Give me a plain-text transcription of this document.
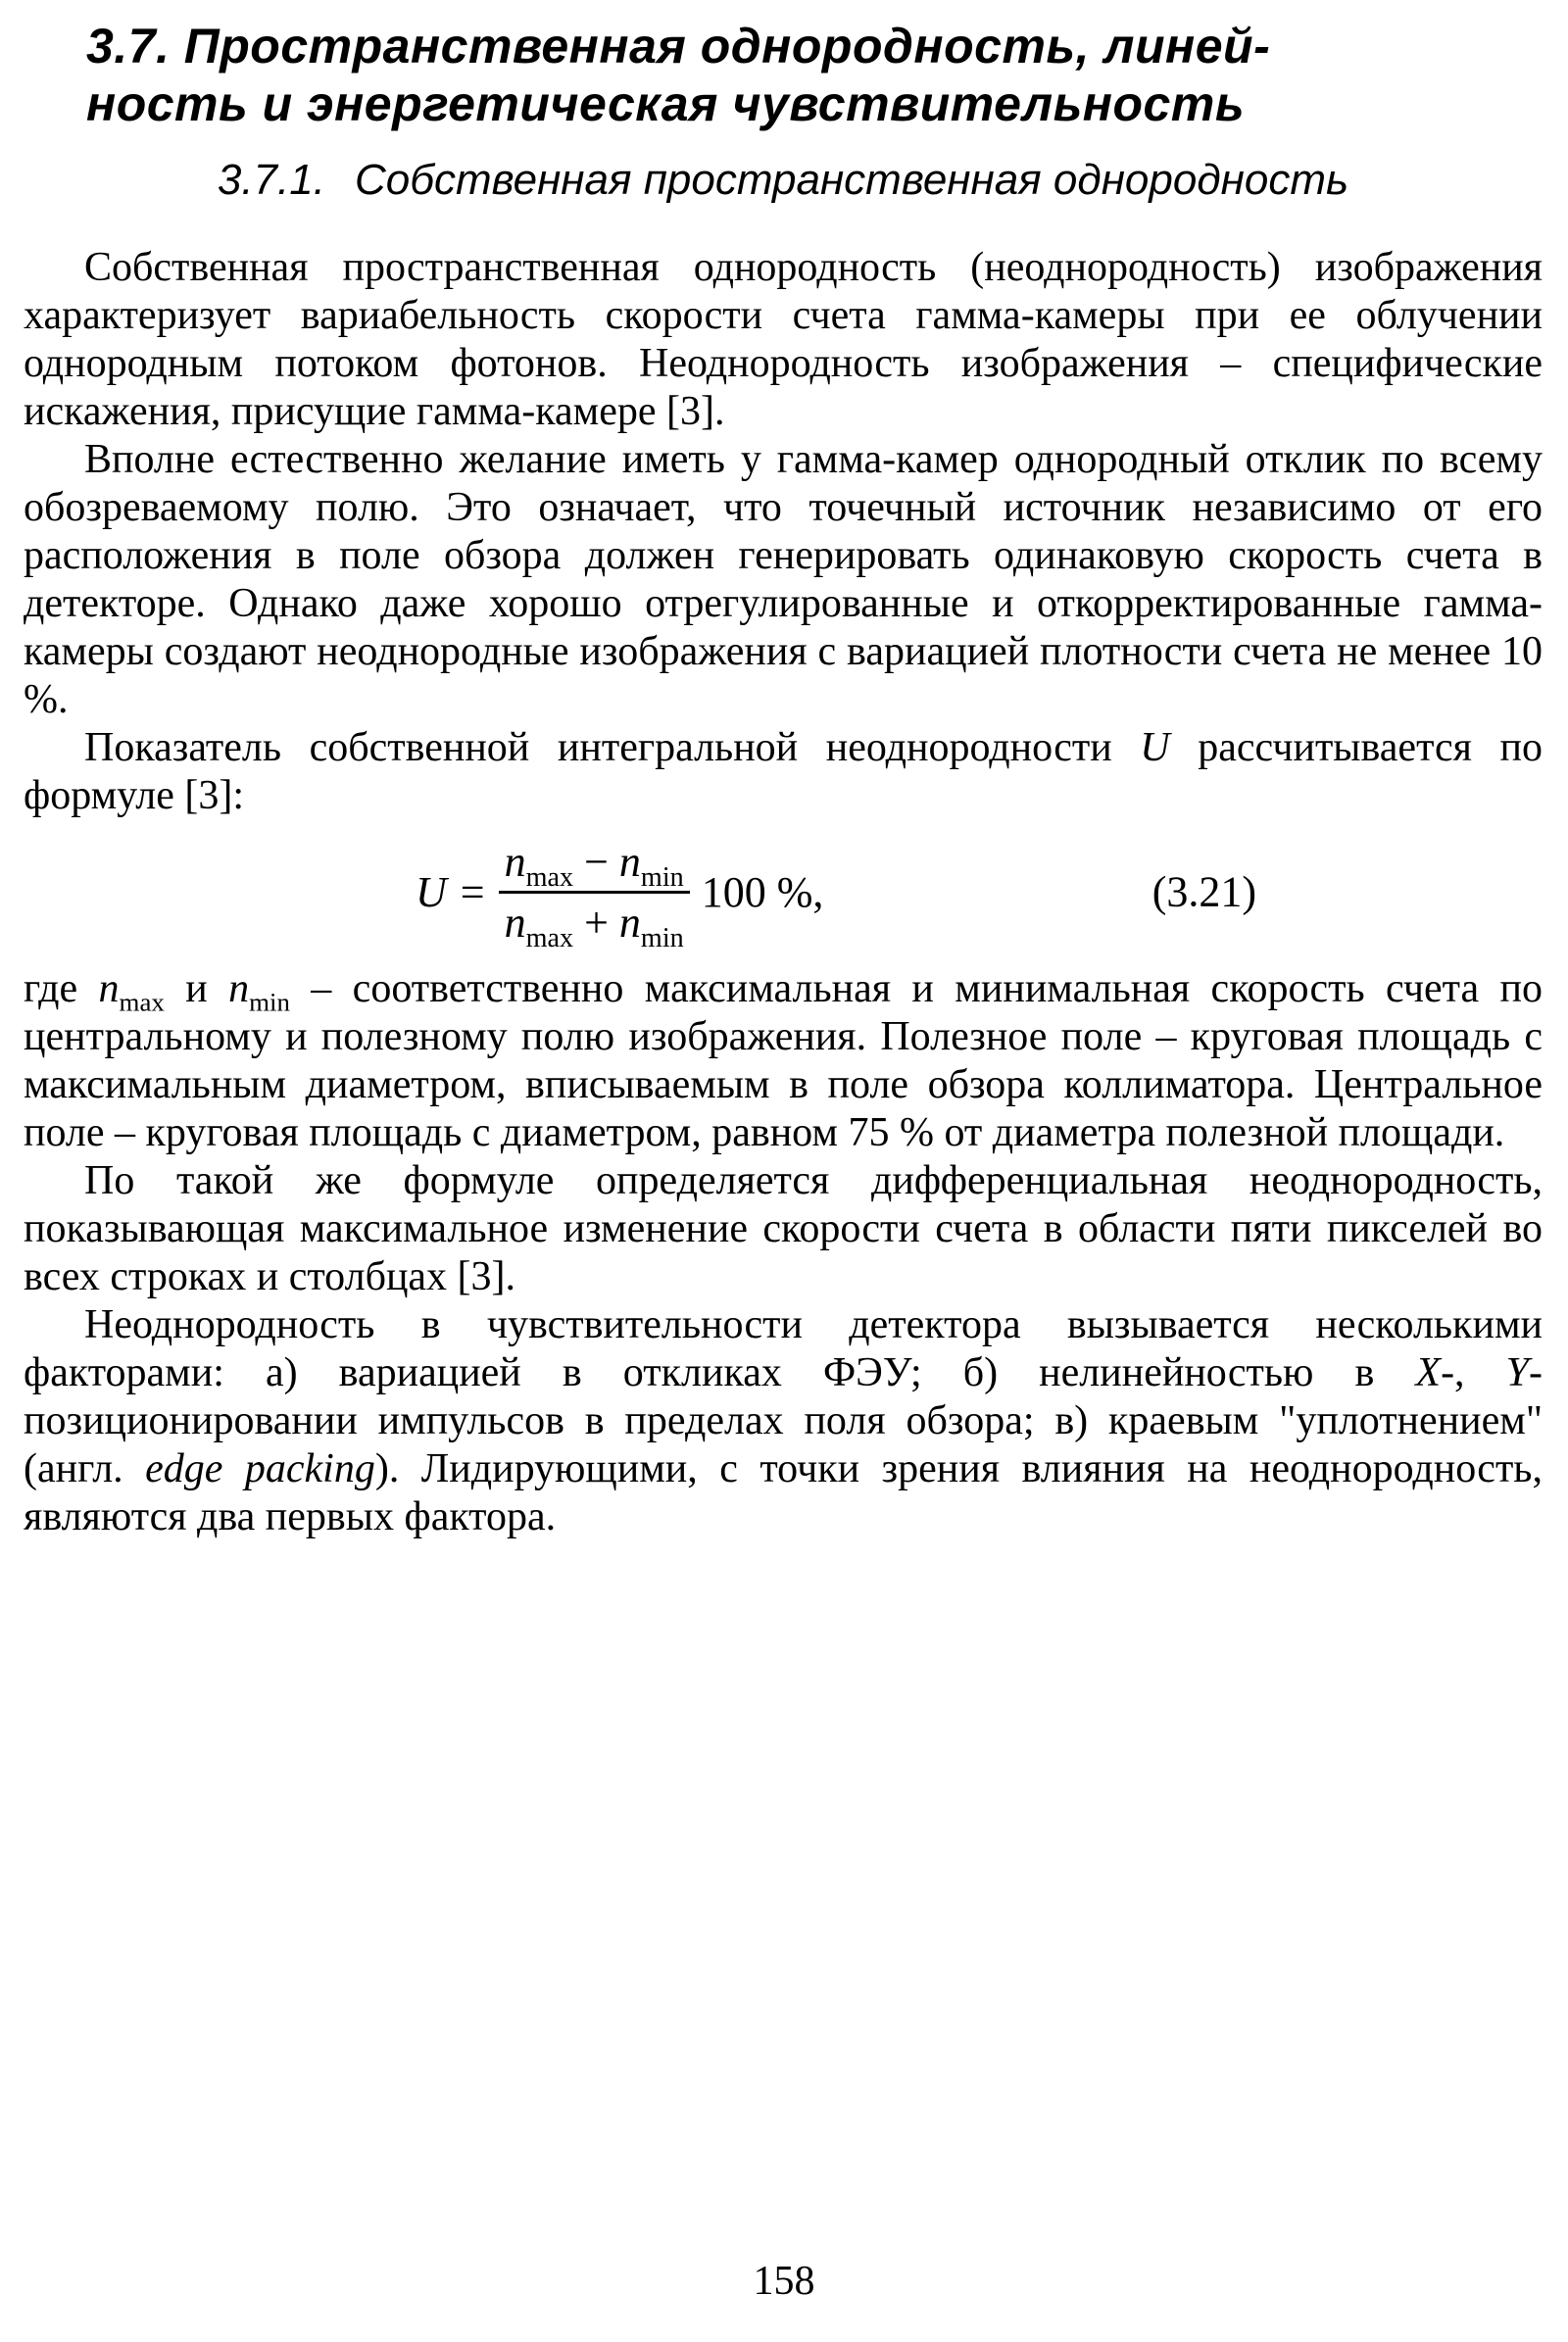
3.7. Пространственная однородность, линей-
ность и энергетическая чувствительность
3.7.1. Собственная пространственная однородность

Собственная пространственная однородность (неоднородность) изображения характеризует вариабельность скорости счета гамма-камеры при ее облучении однородным потоком фотонов. Неоднородность изображения – специфические искажения, присущие гамма-камере [3].

Вполне естественно желание иметь у гамма-камер однородный отклик по всему обозреваемому полю. Это означает, что точечный источник независимо от его расположения в поле обзора должен генерировать одинаковую скорость счета в детекторе. Однако даже хорошо отрегулированные и откорректированные гамма-камеры создают неоднородные изображения с вариацией плотности счета не менее 10 %.

Показатель собственной интегральной неоднородности U рассчитывается по формуле [3]:

$U = \frac{n_{max} - n_{min}}{n_{max} + n_{min}} 100$ %,	(3.21)

где $n_{max}$ и $n_{min}$ – соответственно максимальная и минимальная скорость счета по центральному и полезному полю изображения. Полезное поле – круговая площадь с максимальным диаметром, вписываемым в поле обзора коллиматора. Центральное поле – круговая площадь с диаметром, равном 75 % от диаметра полезной площади.

По такой же формуле определяется дифференциальная неоднородность, показывающая максимальное изменение скорости счета в области пяти пикселей во всех строках и столбцах [3].

Неоднородность в чувствительности детектора вызывается несколькими факторами: а) вариацией в откликах ФЭУ; б) нелинейностью в X-, Y-позиционировании импульсов в пределах поля обзора; в) краевым "уплотнением" (англ. edge packing). Лидирующими, с точки зрения влияния на неоднородность, являются два первых фактора.

158
